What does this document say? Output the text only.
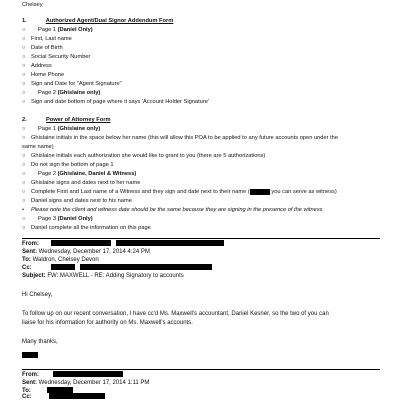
Chelsey
1.	Authorized Agent/Dual Signor Addendum Form
○ Page 1 (Daniel Only)
○ First, Last name
○ Date of Birth
○ Social Security Number
○ Address
○ Home Phone
○ Sign and Date for "Agent Signature"
○ Page 2 (Ghislaine only)
○ Sign and date bottom of page where it says 'Account Holder Signature'
2.	Power of Attorney Form
○ Page 1 (Ghislaine only)
○ Ghislaine initials in the space below her name (this will allow this POA to be applied to any future accounts open under the
same name)
○ Ghislaine initials each authorization she would like to grant to you (there are 5 authorizations)
○ Do not sign the bottom of page 1
○ Page 2 (Ghislaine, Daniel & Witness)
○ Ghislaine signs and dates next to her name
○ Complete First and Last name of a Witness and they sign and date next to their name (	you can serve as witness)
○ Daniel signs and dates next to his name
• Please note the client and witness date should be the same because they are signing in the presence of the witness
○ Page 3 (Daniel Only)
○ Daniel complete all the information on this page
From:
Sent: Wednesday, December 17, 2014 4:24 PM
To: Waldron, Chelsey Devon
Cc:
Subject: FW: MAXWELL - RE: Adding Signatory to accounts
Hi Chelsey,
To follow up on our recent conversation, I have cc'd Ms. Maxwell's accountant, Daniel Kesner, so the two of you can
liaise for his information for authority on Ms. Maxwell's accounts.
Many thanks,
From:
Sent: Wednesday, December 17, 2014 1:11 PM
To:
Cc:
